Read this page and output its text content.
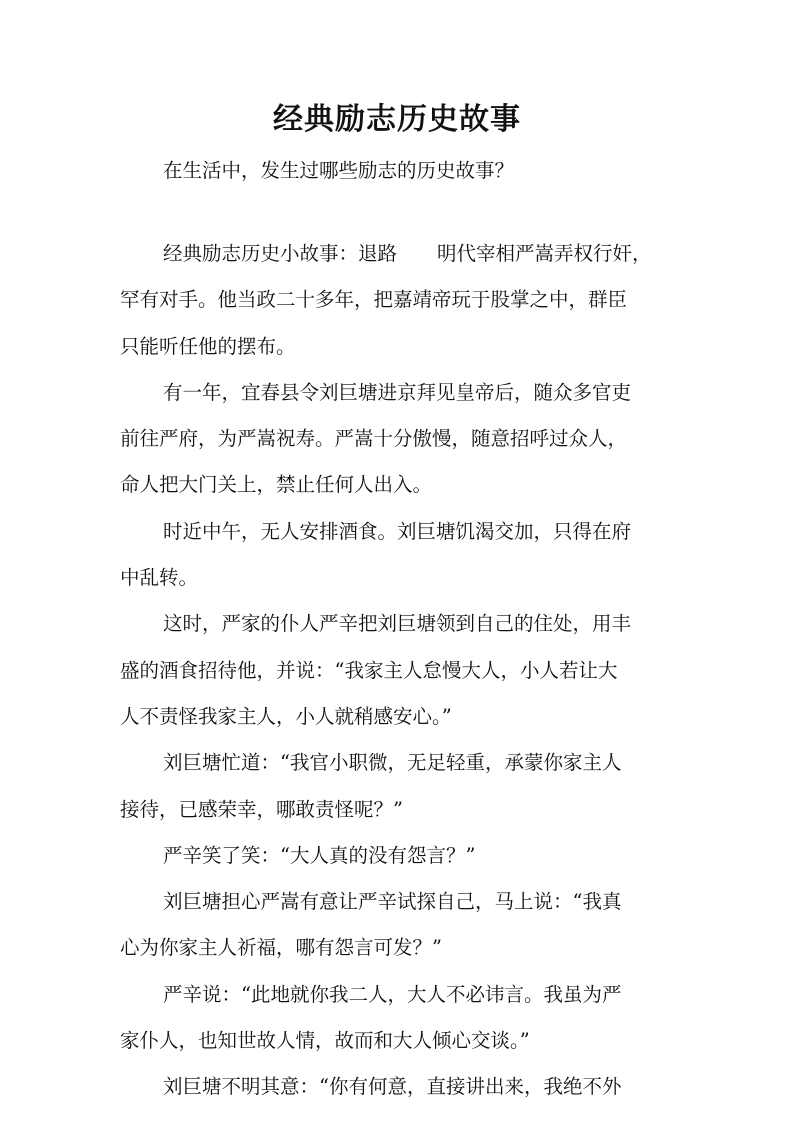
经典励志历史故事
在生活中，发生过哪些励志的历史故事？
经典励志历史小故事：退路 明代宰相严嵩弄权行奸，
罕有对手。他当政二十多年，把嘉靖帝玩于股掌之中，群臣
只能听任他的摆布。
有一年，宜春县令刘巨塘进京拜见皇帝后，随众多官吏
前往严府，为严嵩祝寿。严嵩十分傲慢，随意招呼过众人，
命人把大门关上，禁止任何人出入。
时近中午，无人安排酒食。刘巨塘饥渴交加，只得在府
中乱转。
这时，严家的仆人严辛把刘巨塘领到自己的住处，用丰
盛的酒食招待他，并说：“我家主人怠慢大人，小人若让大
人不责怪我家主人，小人就稍感安心。”
刘巨塘忙道：“我官小职微，无足轻重，承蒙你家主人
接待，已感荣幸，哪敢责怪呢？”
严辛笑了笑：“大人真的没有怨言？”
刘巨塘担心严嵩有意让严辛试探自己，马上说：“我真
心为你家主人祈福，哪有怨言可发？”
严辛说：“此地就你我二人，大人不必讳言。我虽为严
家仆人，也知世故人情，故而和大人倾心交谈。”
刘巨塘不明其意：“你有何意，直接讲出来，我绝不外
